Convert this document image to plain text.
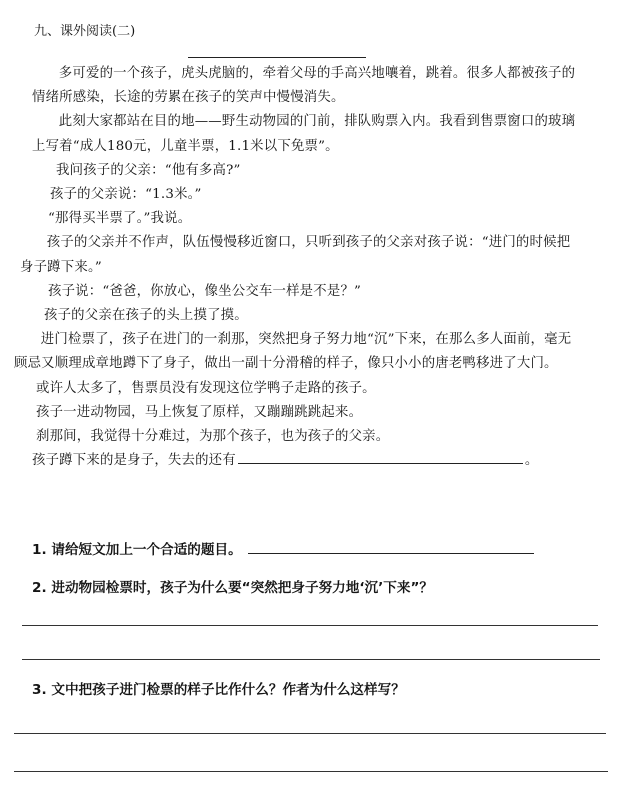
九、课外阅读(二)

多可爱的一个孩子，虎头虎脑的，牵着父母的手高兴地嚷着，跳着。很多人都被孩子的情绪所感染，长途的劳累在孩子的笑声中慢慢消失。

此刻大家都站在目的地——野生动物园的门前，排队购票入内。我看到售票窗口的玻璃上写着“成人180元，儿童半票，1.1米以下免票”。

我问孩子的父亲：“他有多高?”

孩子的父亲说：“1.3米。”

“那得买半票了。”我说。

孩子的父亲并不作声，队伍慢慢移近窗口，只听到孩子的父亲对孩子说：“进门的时候把身子蹲下来。”

孩子说：“爸爸，你放心，像坐公交车一样是不是？”

孩子的父亲在孩子的头上摸了摸。

进门检票了，孩子在进门的一刹那，突然把身子努力地“沉”下来，在那么多人面前，毫无顾忌又顺理成章地蹲下了身子，做出一副十分滑稽的样子，像只小小的唐老鸭移进了大门。

或许人太多了，售票员没有发现这位学鸭子走路的孩子。

孩子一进动物园，马上恢复了原样，又蹦蹦跳跳起来。

刹那间，我觉得十分难过，为那个孩子，也为孩子的父亲。

孩子蹲下来的是身子，失去的还有	。

1. 请给短文加上一个合适的题目。
2. 进动物园检票时，孩子为什么要“突然把身子努力地‘沉’下来”？
3. 文中把孩子进门检票的样子比作什么？作者为什么这样写？
